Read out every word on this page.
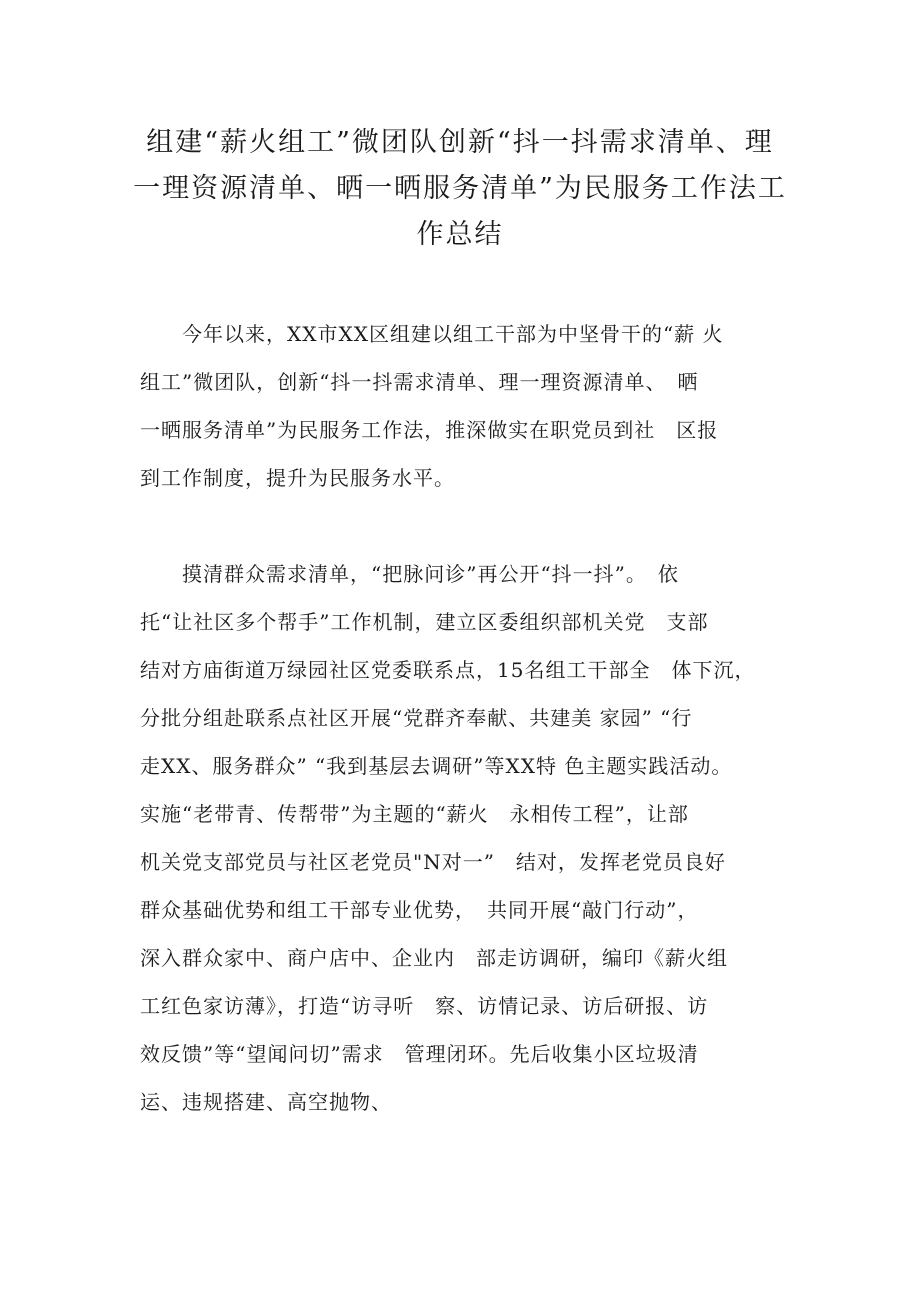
组建“薪火组工”微团队创新“抖一抖需求清单、理
一理资源清单、晒一晒服务清单”为民服务工作法工
作总结
　　今年以来，XX市XX区组建以组工干部为中坚骨干的“薪 火
组工”微团队，创新“抖一抖需求清单、理一理资源清单、　晒
一晒服务清单”为民服务工作法，推深做实在职党员到社　区报
到工作制度，提升为民服务水平。
　　摸清群众需求清单，“把脉问诊”再公开“抖一抖”。　依
托“让社区多个帮手”工作机制，建立区委组织部机关党　支部
结对方庙街道万绿园社区党委联系点，15名组工干部全　体下沉，
分批分组赴联系点社区开展“党群齐奉献、共建美 家园” “行
走XX、服务群众” “我到基层去调研”等XX特 色主题实践活动。
实施“老带青、传帮带”为主题的“薪火　永相传工程”，让部
机关党支部党员与社区老党员"N对一”　结对，发挥老党员良好
群众基础优势和组工干部专业优势，　共同开展“敲门行动”，
深入群众家中、商户店中、企业内　部走访调研，编印《薪火组
工红色家访薄》，打造“访寻听　察、访情记录、访后研报、访
效反馈”等“望闻问切”需求　管理闭环。先后收集小区垃圾清
运、违规搭建、高空抛物、
